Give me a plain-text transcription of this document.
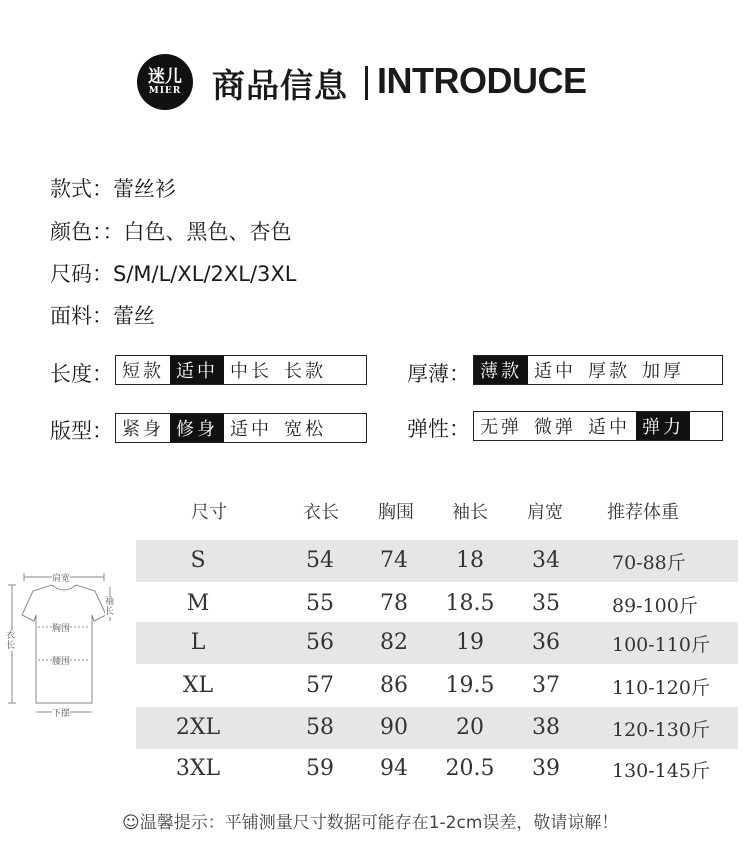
迷儿
MIER 商品信息 INTRODUCE
款式：蕾丝衫
颜色：：白色、黑色、杏色
尺码：S/M/L/XL/2XL/3XL
面料：蕾丝
长度： 短款 适中 中长 长款	厚薄： 薄款 适中 厚款 加厚
版型： 紧身 修身 适中 宽松	弹性： 无弹 微弹 适中 弹力
尺寸	衣长 胸围 袖长 肩宽 推荐体重
S	54	74	18	34	70-88斤
M	55	78	18.5	35	89-100斤
L	56	82	19	36	100-110斤
XL	57	86	19.5	37	110-120斤
2XL	58	90	20	38	120-130斤
3XL	59	94	20.5	39	130-145斤
肩宽
袖长
衣长
胸围
腰围
下摆
☺温馨提示：平铺测量尺寸数据可能存在1-2cm误差，敬请谅解！
